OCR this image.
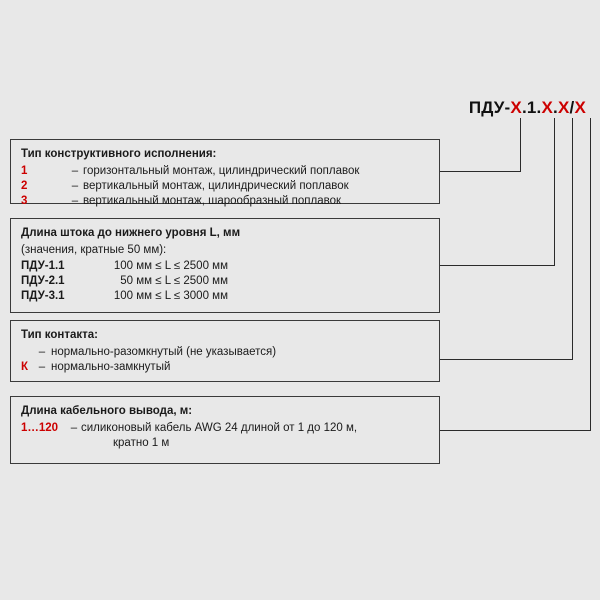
ПДУ-X.1.X.X/X

Тип конструктивного исполнения:

1	–	горизонтальный монтаж, цилиндрический поплавок
2	–	вертикальный монтаж, цилиндрический поплавок
3	–	вертикальный монтаж, шарообразный поплавок

Длина штока до нижнего уровня L, мм

(значения, кратные 50 мм):

ПДУ-1.1	100 мм ≤ L ≤ 2500 мм
ПДУ-2.1	50 мм ≤ L ≤ 2500 мм
ПДУ-3.1	100 мм ≤ L ≤ 3000 мм

Тип контакта:

	–	нормально-разомкнутый (не указывается)
К	–	нормально-замкнутый

Длина кабельного вывода, м:

1…120	–	силиконовый кабель AWG 24 длиной от 1 до 120 м,
кратно 1 м
